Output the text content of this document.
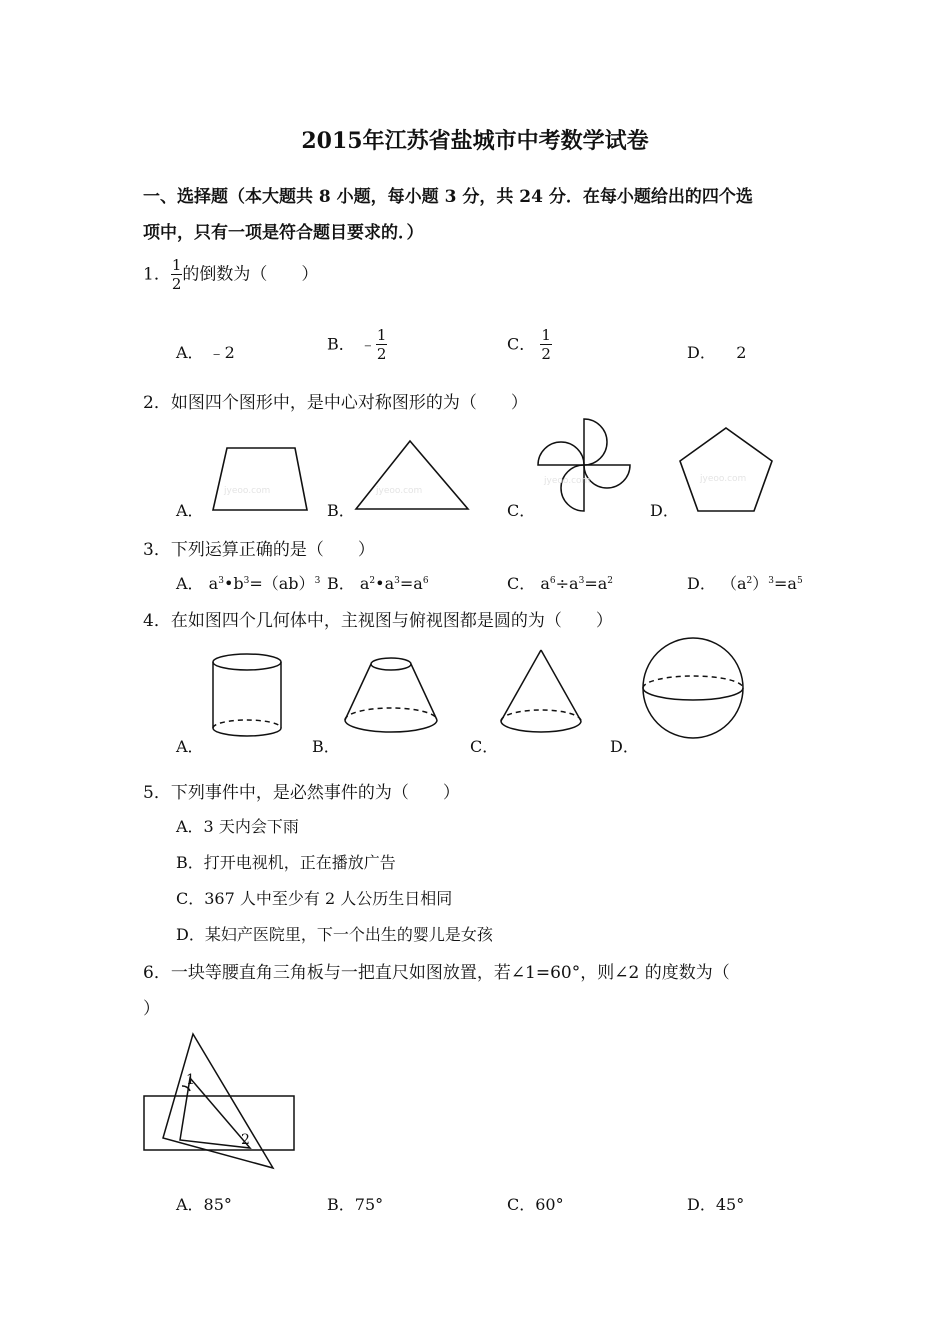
2015年江苏省盐城市中考数学试卷
一、选择题（本大题共 8 小题，每小题 3 分，共 24 分．在每小题给出的四个选
项中，只有一项是符合题目要求的．）
1． $\frac{1}{2}$ 的倒数为（　　）
A． ﹣2	B． ﹣ $\frac{1}{2}$	C． $\frac{1}{2}$	D． 2
2．如图四个图形中，是中心对称图形的为（　　）
A．	B．	C．	D．
jyeoo.com	jyeoo.com
jyeoo.com	jyeoo.com
3．下列运算正确的是（　　）
A． $a^3•b^3=(ab)^3$ B． $a^2•a^3=a^6$	C． $a^6\div a^3=a^2$	D． $(a^2)^3=a^5$
4．在如图四个几何体中，主视图与俯视图都是圆的为（　　）
A．	B．	C．	D．
5．下列事件中，是必然事件的为（　　）
A．3 天内会下雨
B．打开电视机，正在播放广告
C．367 人中至少有 2 人公历生日相同
D．某妇产医院里，下一个出生的婴儿是女孩
6．一块等腰直角三角板与一把直尺如图放置，若∠1=60°，则∠2 的度数为（
）
1
2
A．85°	B．75°	C．60°	D．45°
